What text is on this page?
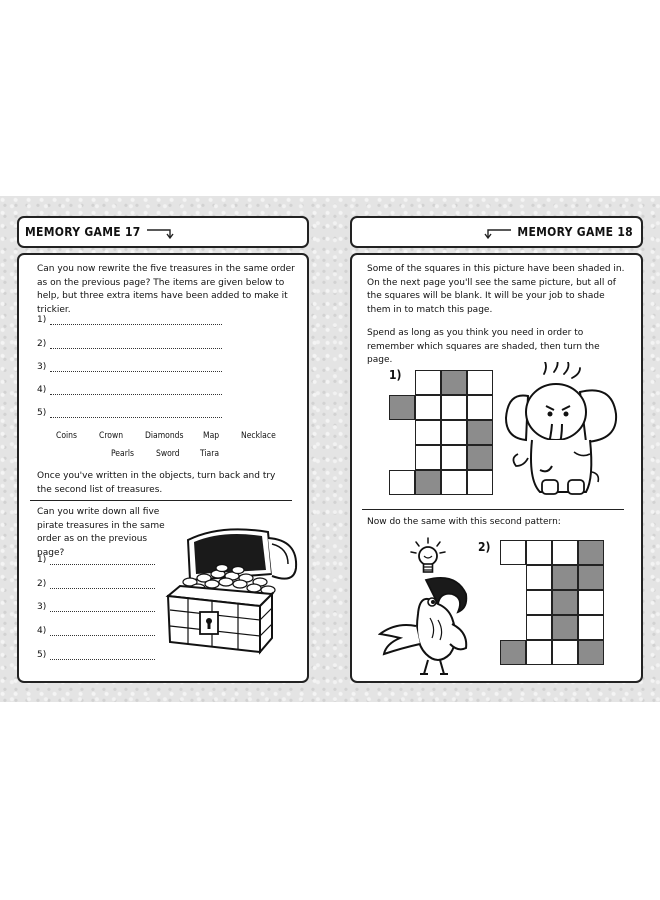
MEMORY GAME 17
Can you now rewrite the five treasures in the same order as on the previous page? The items are given below to help, but three extra items have been added to make it trickier.
1)
2)
3)
4)
5)
Coins	Crown	Diamonds Map	Necklace
Pearls	Sword Tiara
Once you've written in the objects, turn back and try the second list of treasures.
Can you write down all five pirate treasures in the same order as on the previous page?
1)
2)
3)
4)
5)
MEMORY GAME 18
Some of the squares in this picture have been shaded in. On the next page you'll see the same picture, but all of the squares will be blank. It will be your job to shade them in to match this page.
Spend as long as you think you need in order to remember which squares are shaded, then turn the page.
1)
Now do the same with this second pattern:
2)
